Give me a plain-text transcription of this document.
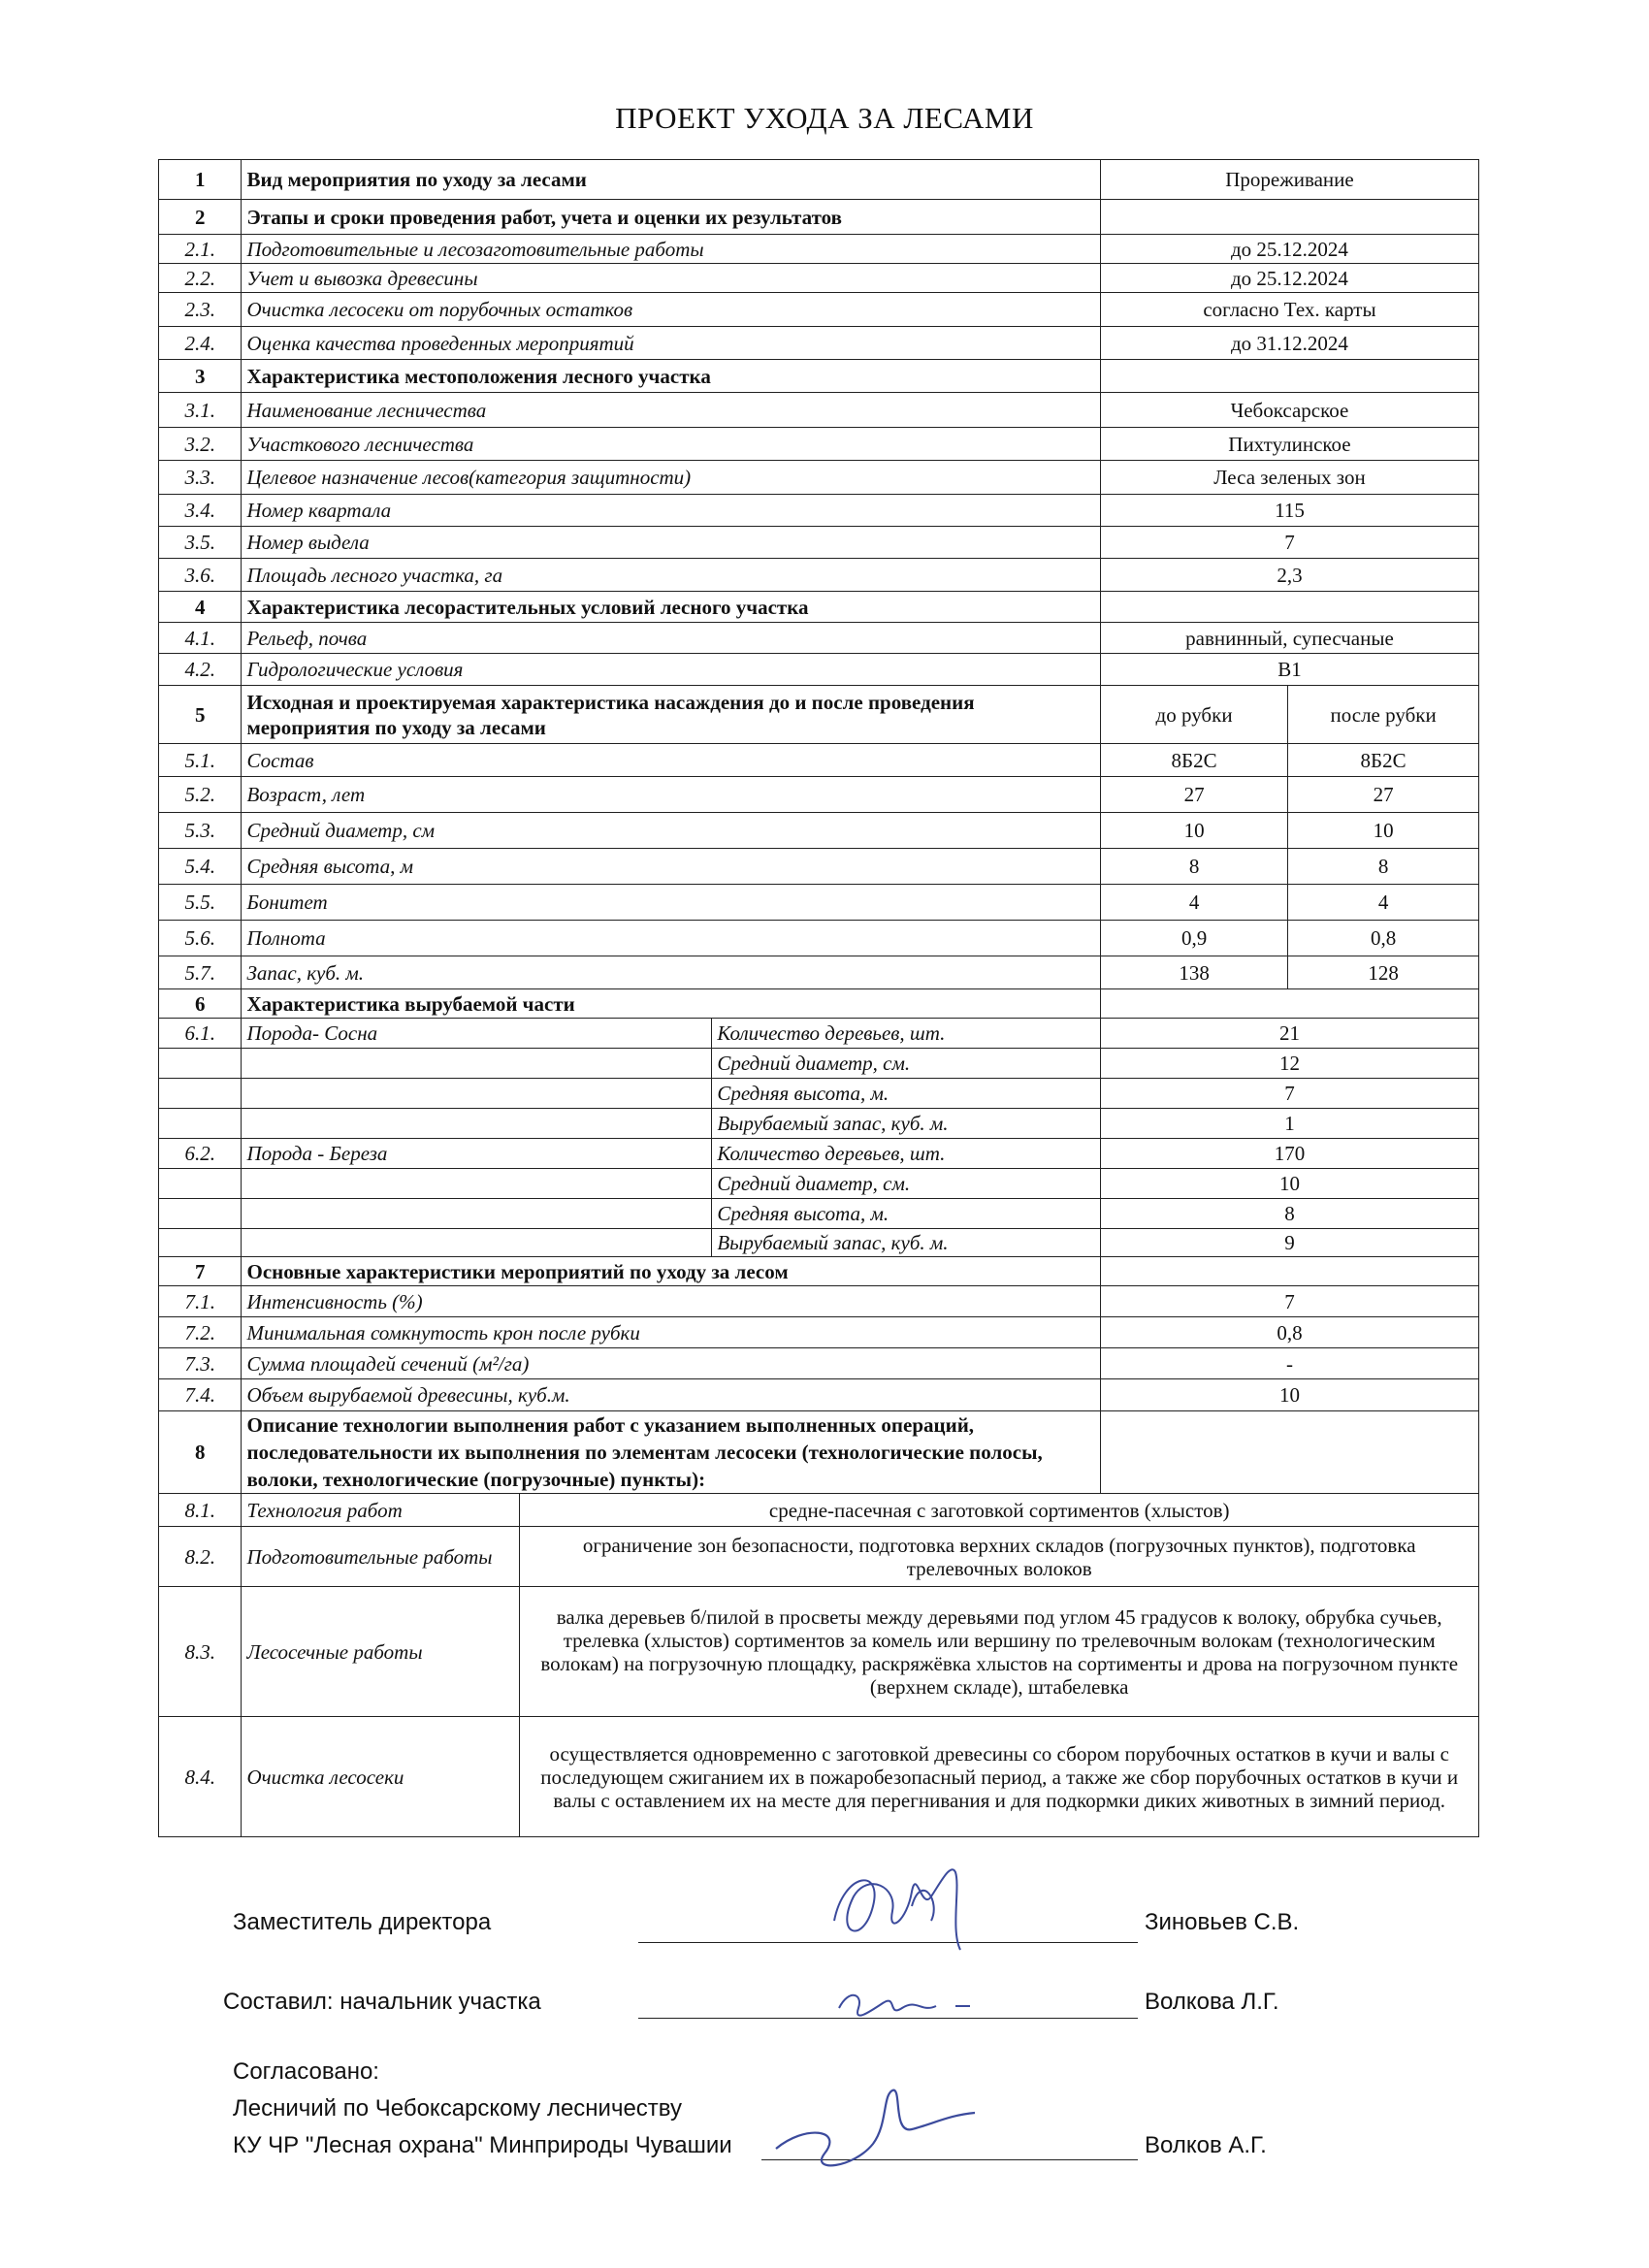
ПРОЕКТ УХОДА ЗА ЛЕСАМИ
1	Вид мероприятия по уходу за лесами			Прореживание	
2	Этапы и сроки проведения работ, учета и оценки их результатов				
2.1.	Подготовительные и лесозаготовительные работы			до 25.12.2024	
2.2.	Учет и вывозка древесины			до 25.12.2024	
2.3.	Очистка лесосеки от порубочных остатков			согласно Тех. карты	
2.4.	Оценка качества проведенных мероприятий			до 31.12.2024	
3	Характеристика местоположения лесного участка				
3.1.	Наименование лесничества			Чебоксарское	
3.2.	Участкового лесничества			Пихтулинское	
3.3.	Целевое назначение лесов(категория защитности)			Леса зеленых зон	
3.4.	Номер квартала			115	
3.5.	Номер выдела			7	
3.6.	Площадь лесного участка, га			2,3	
4	Характеристика лесорастительных условий лесного участка				
4.1.	Рельеф, почва			равнинный, супесчаные	
4.2.	Гидрологические условия			В1	
5	Исходная и проектируемая характеристика насаждения до и после проведения мероприятия по уходу за лесами			до рубки	после рубки
5.1.	Состав			8Б2С	8Б2С
5.2.	Возраст, лет			27	27
5.3.	Средний диаметр, см			10	10
5.4.	Средняя высота, м			8	8
5.5.	Бонитет			4	4
5.6.	Полнота			0,9	0,8
5.7.	Запас, куб. м.			138	128
6	Характеристика вырубаемой части				
6.1.	Порода- Сосна		Количество деревьев, шт.	21	
			Средний диаметр, см.	12	
			Средняя высота, м.	7	
			Вырубаемый запас, куб. м.	1	
6.2.	Порода - Береза		Количество деревьев, шт.	170	
			Средний диаметр, см.	10	
			Средняя высота, м.	8	
			Вырубаемый запас, куб. м.	9	
7	Основные характеристики мероприятий по уходу за лесом				
7.1.	Интенсивность (%)			7	
7.2.	Минимальная сомкнутость крон после рубки			0,8	
7.3.	Сумма площадей сечений (м²/га)			-	
7.4.	Объем вырубаемой древесины, куб.м.			10	
8	Описание технологии выполнения работ с указанием выполненных операций, последовательности их выполнения по элементам лесосеки (технологические полосы, волоки, технологические (погрузочные) пункты):				
8.1.	Технология работ	средне-пасечная с заготовкой сортиментов (хлыстов)			
8.2.	Подготовительные работы	ограничение зон безопасности, подготовка верхних складов (погрузочных пунктов), подготовка трелевочных волоков			
8.3.	Лесосечные работы	валка деревьев б/пилой в просветы между деревьями под углом 45 градусов к волоку, обрубка сучьев, трелевка (хлыстов) сортиментов за комель или вершину по трелевочным волокам (технологическим волокам) на погрузочную площадку, раскряжёвка хлыстов на сортименты и дрова на погрузочном пункте (верхнем складе), штабелевка			
8.4.	Очистка лесосеки	осуществляется одновременно с заготовкой древесины со сбором порубочных остатков в кучи и валы с последующем сжиганием их в пожаробезопасный период, а также же сбор порубочных остатков в кучи и валы с оставлением их на месте для перегнивания и для подкормки диких животных в зимний период.			
Заместитель директора	Зиновьев С.В.
Составил: начальник участка	Волкова Л.Г.
Согласовано:
Лесничий по Чебоксарскому лесничеству
КУ ЧР "Лесная охрана" Минприроды Чувашии	Волков А.Г.
